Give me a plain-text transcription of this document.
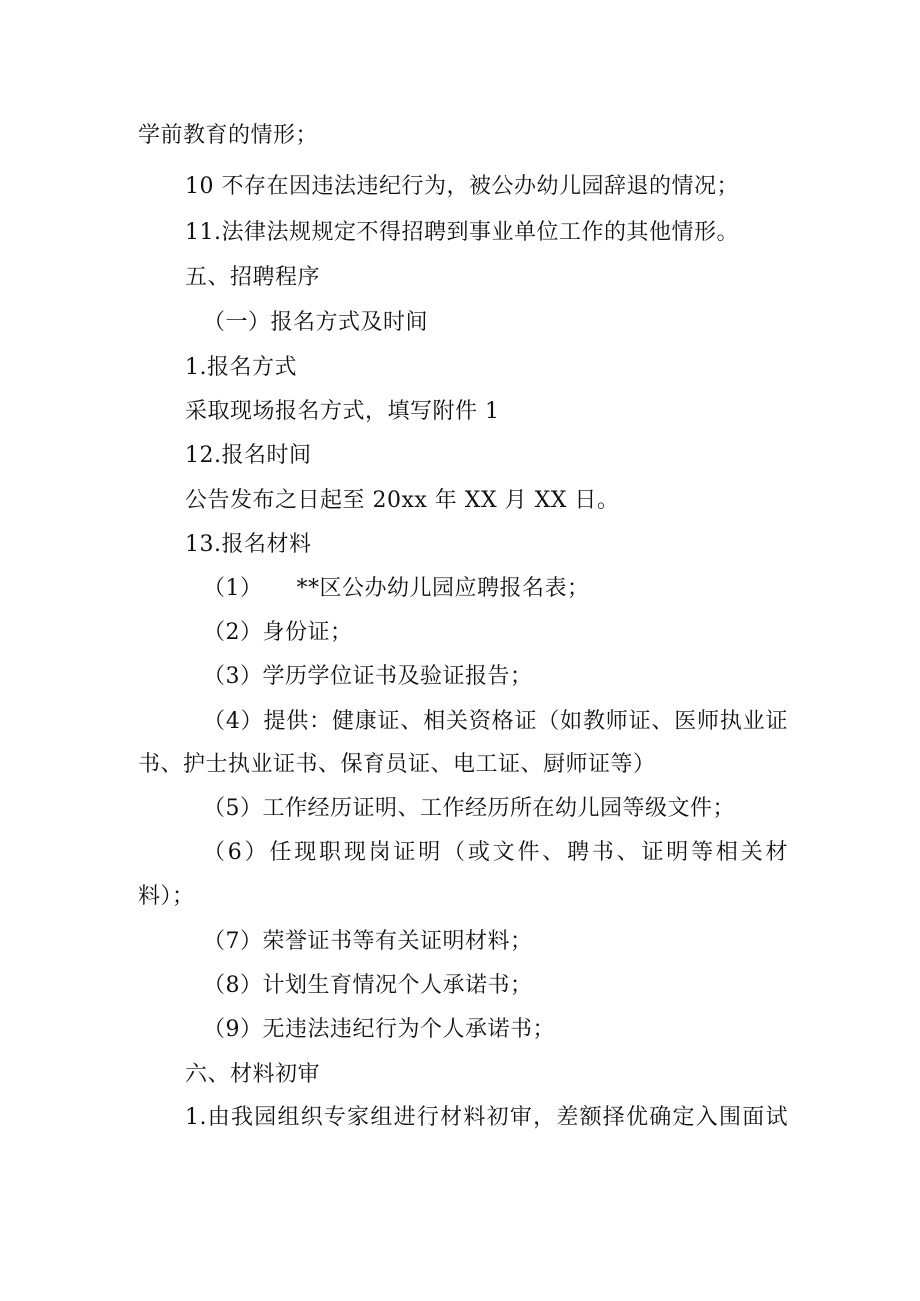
学前教育的情形；
10 不存在因违法违纪行为，被公办幼儿园辞退的情况；
11.法律法规规定不得招聘到事业单位工作的其他情形。
五、招聘程序
（一）报名方式及时间
1.报名方式
采取现场报名方式，填写附件 1
12.报名时间
公告发布之日起至 20xx 年 XX 月 XX 日。
13.报名材料
（1）　　**区公办幼儿园应聘报名表；
（2）身份证；
（3）学历学位证书及验证报告；
（4）提供：健康证、相关资格证（如教师证、医师执业证
书、护士执业证书、保育员证、电工证、厨师证等）
（5）工作经历证明、工作经历所在幼儿园等级文件；
（6）任现职现岗证明（或文件、聘书、证明等相关材
料）；
（7）荣誉证书等有关证明材料；
（8）计划生育情况个人承诺书；
（9）无违法违纪行为个人承诺书；
六、材料初审
1.由我园组织专家组进行材料初审，差额择优确定入围面试
